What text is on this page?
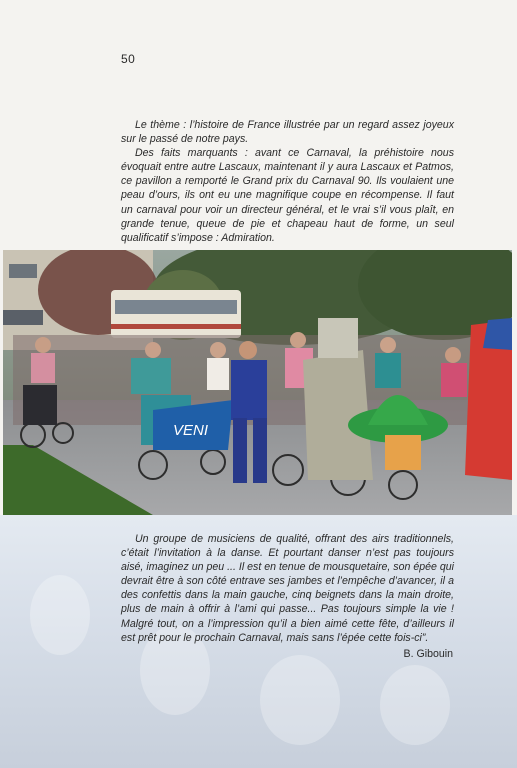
50

Le thème : l’histoire de France illustrée par un regard assez joyeux sur le passé de notre pays.

Des faits marquants : avant ce Carnaval, la préhistoire nous évoquait entre autre Lascaux, maintenant il y aura Lascaux et Patmos, ce pavillon a remporté le Grand prix du Carnaval 90. Ils voulaient une peau d’ours, ils ont eu une magnifique coupe en récompense. Il faut un carnaval pour voir un directeur général, et le vrai s’il vous plaît, en grande tenue, queue de pie et chapeau haut de forme, un seul qualificatif s’impose : Admiration.

VENI

Un groupe de musiciens de qualité, offrant des airs traditionnels, c’était l’invitation à la danse. Et pourtant danser n’est pas toujours aisé, imaginez un peu ... Il est en tenue de mousquetaire, son épée qui devrait être à son côté entrave ses jambes et l’empêche d’avancer, il a des confettis dans la main gauche, cinq beignets dans la main droite, plus de main à offrir à l’ami qui passe... Pas toujours simple la vie ! Malgré tout, on a l’impression qu’il a bien aimé cette fête, d’ailleurs il est prêt pour le prochain Carnaval, mais sans l’épée cette fois-ci”.

B. Gibouin
